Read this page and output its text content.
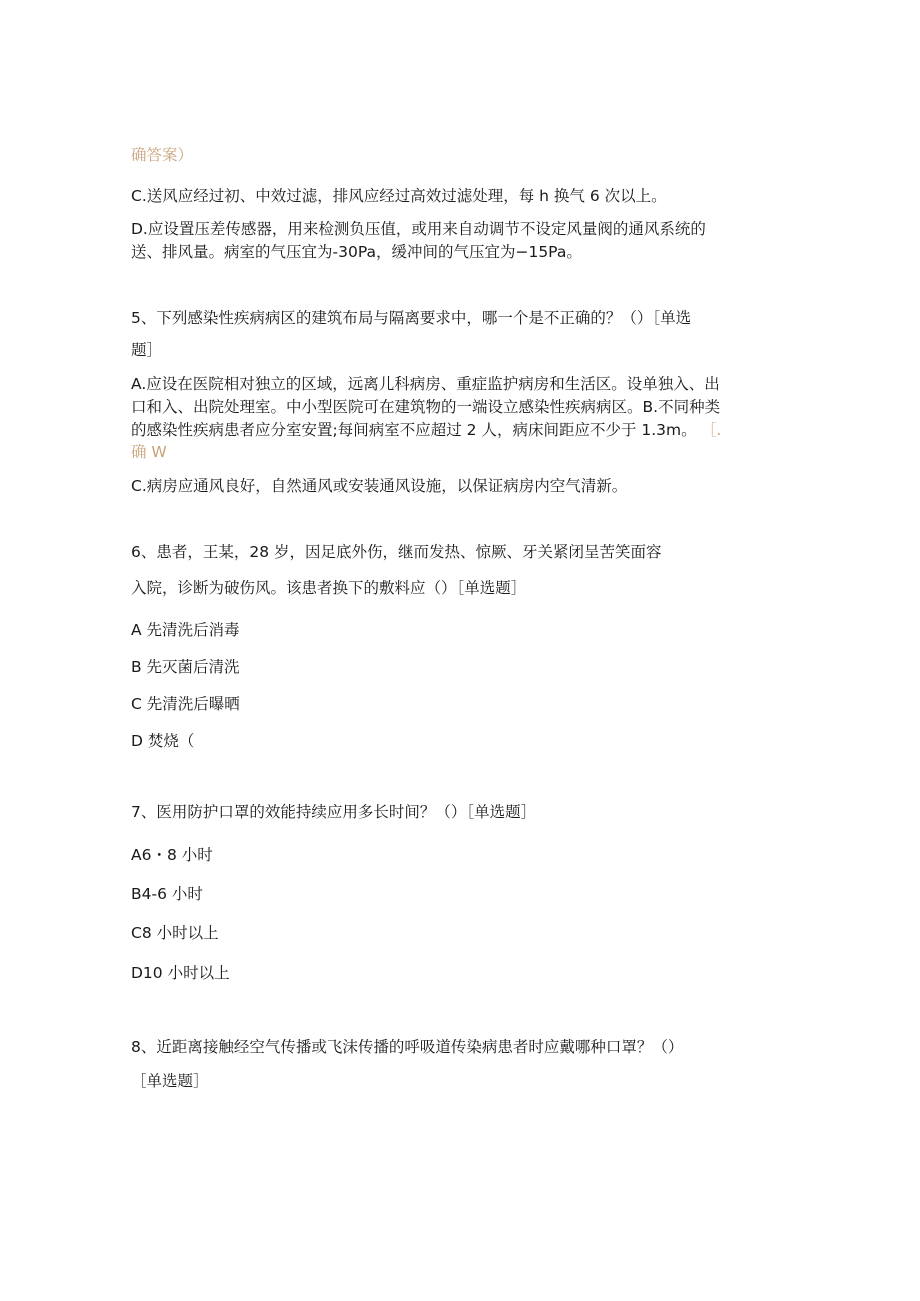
确答案）
C.送风应经过初、中效过滤，排风应经过高效过滤处理，每 h 换气 6 次以上。
D.应设置压差传感器，用来检测负压值，或用来自动调节不设定风量阀的通风系统的
送、排风量。病室的气压宜为-30Pa，缓冲间的气压宜为−15Pa。
5、下列感染性疾病病区的建筑布局与隔离要求中，哪一个是不正确的？（）［单选
题］
A.应设在医院相对独立的区域，远离儿科病房、重症监护病房和生活区。设单独入、出
口和入、出院处理室。中小型医院可在建筑物的一端设立感染性疾病病区。B.不同种类
的感染性疾病患者应分室安置;每间病室不应超过 2 人，病床间距应不少于 1.3m。 ［.
确 W
C.病房应通风良好，自然通风或安装通风设施，以保证病房内空气清新。
6、患者，王某，28 岁，因足底外伤，继而发热、惊厥、牙关紧闭呈苦笑面容
入院，诊断为破伤风。该患者换下的敷料应（）［单选题］
A 先清洗后消毒
B 先灭菌后清洗
C 先清洗后曝晒
D 焚烧（
7、医用防护口罩的效能持续应用多长时间？（）［单选题］
A6・8 小时
B4-6 小时
C8 小时以上
D10 小时以上
8、近距离接触经空气传播或飞沫传播的呼吸道传染病患者时应戴哪种口罩？（）
［单选题］
